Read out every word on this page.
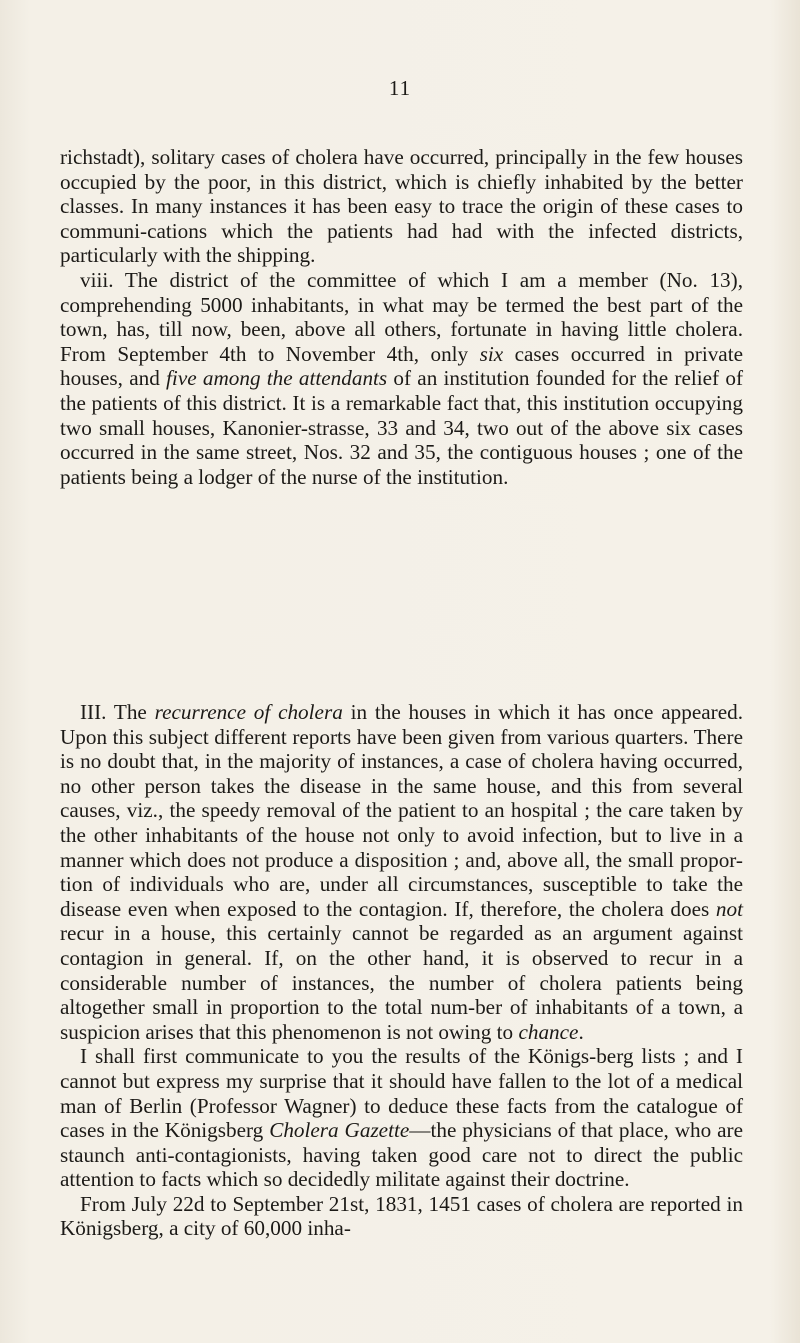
11

richstadt), solitary cases of cholera have occurred, principally in the few houses occupied by the poor, in this district, which is chiefly inhabited by the better classes. In many instances it has been easy to trace the origin of these cases to communi-cations which the patients had had with the infected districts, particularly with the shipping.

viii. The district of the committee of which I am a member (No. 13), comprehending 5000 inhabitants, in what may be termed the best part of the town, has, till now, been, above all others, fortunate in having little cholera. From September 4th to November 4th, only six cases occurred in private houses, and five among the attendants of an institution founded for the relief of the patients of this district. It is a remarkable fact that, this institution occupying two small houses, Kanonier-strasse, 33 and 34, two out of the above six cases occurred in the same street, Nos. 32 and 35, the contiguous houses ; one of the patients being a lodger of the nurse of the institution.

III. The recurrence of cholera in the houses in which it has once appeared. Upon this subject different reports have been given from various quarters. There is no doubt that, in the majority of instances, a case of cholera having occurred, no other person takes the disease in the same house, and this from several causes, viz., the speedy removal of the patient to an hospital ; the care taken by the other inhabitants of the house not only to avoid infection, but to live in a manner which does not produce a disposition ; and, above all, the small propor-tion of individuals who are, under all circumstances, susceptible to take the disease even when exposed to the contagion. If, therefore, the cholera does not recur in a house, this certainly cannot be regarded as an argument against contagion in general. If, on the other hand, it is observed to recur in a considerable number of instances, the number of cholera patients being altogether small in proportion to the total num-ber of inhabitants of a town, a suspicion arises that this phenomenon is not owing to chance.

I shall first communicate to you the results of the Königs-berg lists ; and I cannot but express my surprise that it should have fallen to the lot of a medical man of Berlin (Professor Wagner) to deduce these facts from the catalogue of cases in the Königsberg Cholera Gazette—the physicians of that place, who are staunch anti-contagionists, having taken good care not to direct the public attention to facts which so decidedly militate against their doctrine.

From July 22d to September 21st, 1831, 1451 cases of cholera are reported in Königsberg, a city of 60,000 inha-
